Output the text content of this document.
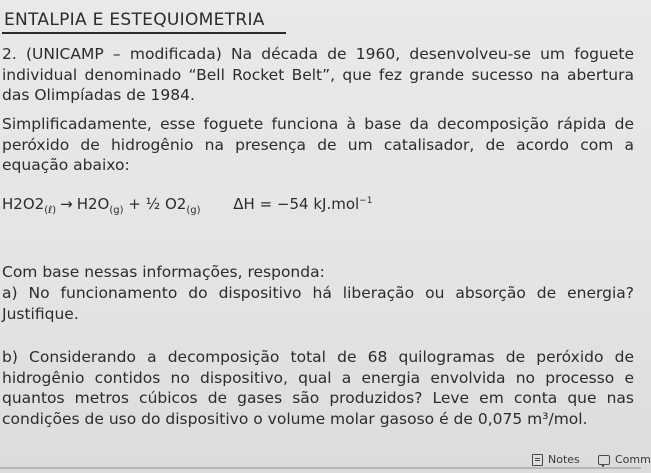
ENTALPIA E ESTEQUIOMETRIA
2. (UNICAMP – modificada) Na década de 1960, desenvolveu-se um foguete
individual denominado “Bell Rocket Belt”, que fez grande sucesso na abertura
das Olimpíadas de 1984.
Simplificadamente, esse foguete funciona à base da decomposição rápida de
peróxido de hidrogênio na presença de um catalisador, de acordo com a
equação abaixo:
$H2O2_{(\ell)} \to H2O_{(g)}$ + ½ $O2_{(g)}$ ΔH = −54 kJ.mol$^{-1}$
Com base nessas informações, responda:
a) No funcionamento do dispositivo há liberação ou absorção de energia?
Justifique.
b) Considerando a decomposição total de 68 quilogramas de peróxido de
hidrogênio contidos no dispositivo, qual a energia envolvida no processo e
quantos metros cúbicos de gases são produzidos? Leve em conta que nas
condições de uso do dispositivo o volume molar gasoso é de 0,075 m³/mol.
Notes	Comm
